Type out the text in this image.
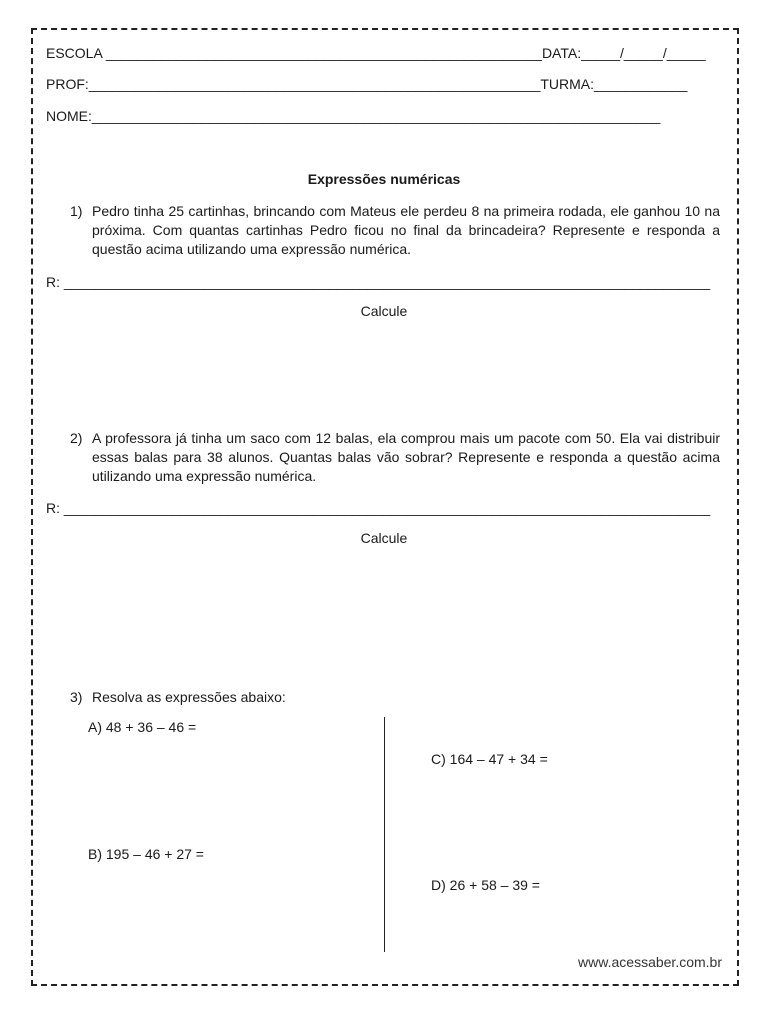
ESCOLA ________________________________________________________DATA:_____/_____/_____
PROF:__________________________________________________________TURMA:____________
NOME:_________________________________________________________________________
Expressões numéricas
1) Pedro tinha 25 cartinhas, brincando com Mateus ele perdeu 8 na primeira rodada, ele ganhou 10 na próxima. Com quantas cartinhas Pedro ficou no final da brincadeira? Represente e responda a questão acima utilizando uma expressão numérica.
R: ___________________________________________________________________________________
Calcule
2) A professora já tinha um saco com 12 balas, ela comprou mais um pacote com 50. Ela vai distribuir essas balas para 38 alunos. Quantas balas vão sobrar? Represente e responda a questão acima utilizando uma expressão numérica.
R: ___________________________________________________________________________________
Calcule
3) Resolva as expressões abaixo:
A) 48 + 36 – 46 =
C) 164 – 47 + 34 =
B) 195 – 46 + 27 =
D) 26 + 58 – 39 =
www.acessaber.com.br
